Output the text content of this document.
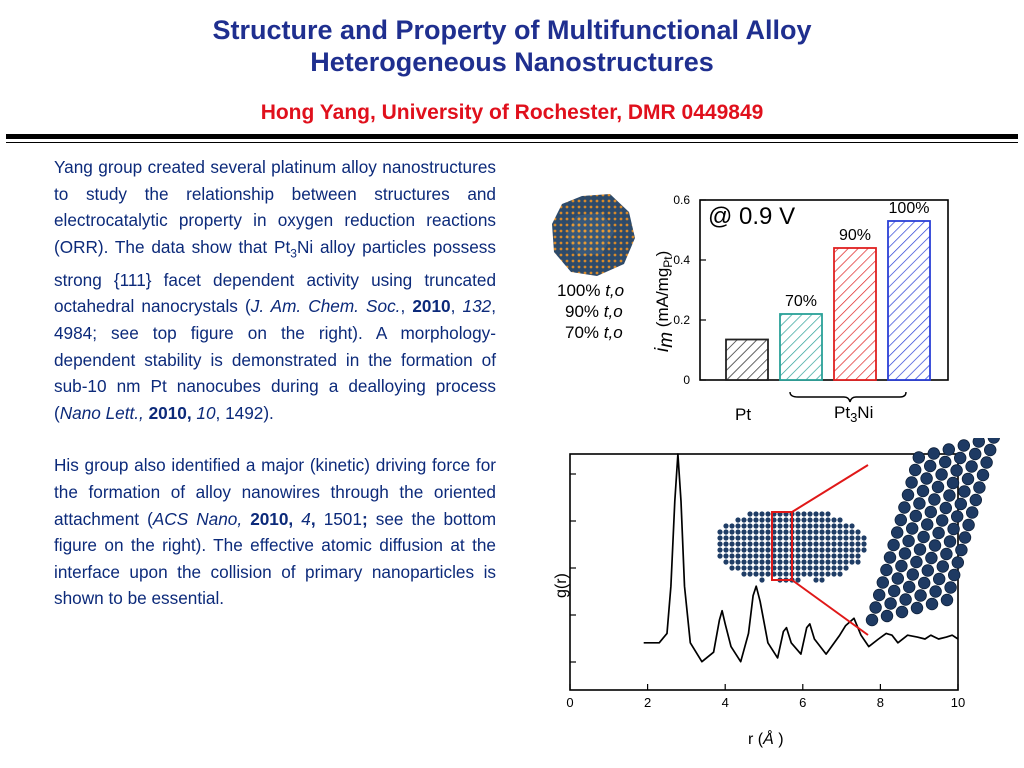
Structure and Property of Multifunctional Alloy
Heterogeneous Nanostructures
Hong Yang, University of Rochester, DMR 0449849

Yang group created several platinum alloy nanostructures to study the relationship between structures and electrocatalytic property in oxygen reduction reactions (ORR). The data show that $Pt_3Ni$ alloy particles possess strong {111} facet dependent activity using truncated octahedral nanocrystals (J. Am. Chem. Soc., 2010, 132, 4984; see top figure on the right). A morphology-dependent stability is demonstrated in the formation of sub-10 nm Pt nanocubes during a dealloying process (Nano Lett., 2010, 10, 1492).

His group also identified a major (kinetic) driving force for the formation of alloy nanowires through the oriented attachment (ACS Nano, 2010, 4, 1501; see the bottom figure on the right). The effective atomic diffusion at the interface upon the collision of primary nanoparticles is shown to be essential.

100% t,o
90% t,o
70% t,o
im $(mA/mg_{Pt})$
0
0.2
0.4
0.6
70%
90%
100%
@ 0.9 V
Pt	$Pt_3Ni$
g(r)
0	2	4	6	8	10
r (Å )
